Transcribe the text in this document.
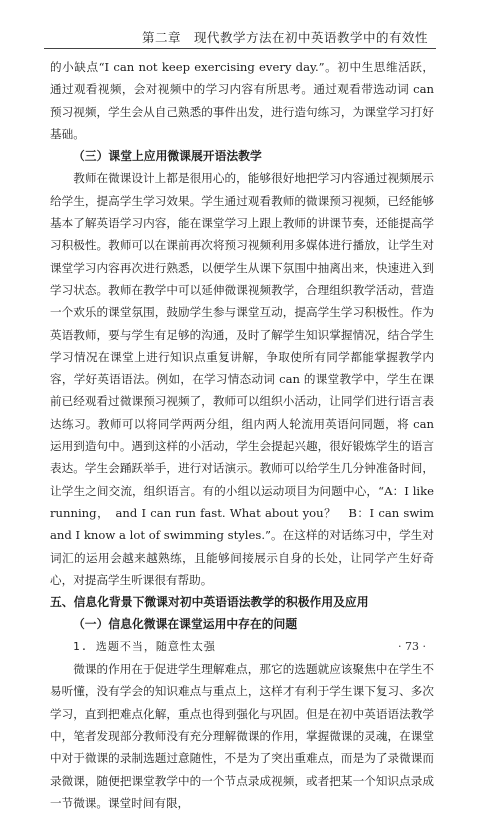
第二章　现代教学方法在初中英语教学中的有效性

的小缺点“I can not keep exercising every day.”。初中生思维活跃，通过观看视频，会对视频中的学习内容有所思考。通过观看带选动词 can 预习视频，学生会从自己熟悉的事件出发，进行造句练习，为课堂学习打好基础。

（三）课堂上应用微课展开语法教学

教师在微课设计上都是很用心的，能够很好地把学习内容通过视频展示给学生，提高学生学习效果。学生通过观看教师的微课预习视频，已经能够基本了解英语学习内容，能在课堂学习上跟上教师的讲课节奏，还能提高学习积极性。教师可以在课前再次将预习视频利用多媒体进行播放，让学生对课堂学习内容再次进行熟悉，以便学生从课下氛围中抽离出来，快速进入到学习状态。教师在教学中可以延伸微课视频教学，合理组织教学活动，营造一个欢乐的课堂氛围，鼓励学生参与课堂互动，提高学生学习积极性。作为英语教师，要与学生有足够的沟通，及时了解学生知识掌握情况，结合学生学习情况在课堂上进行知识点重复讲解，争取使所有同学都能掌握教学内容，学好英语语法。例如，在学习情态动词 can 的课堂教学中，学生在课前已经观看过微课预习视频了，教师可以组织小活动，让同学们进行语言表达练习。教师可以将同学两两分组，组内两人轮流用英语问同题，将 can 运用到造句中。遇到这样的小活动，学生会提起兴趣，很好锻炼学生的语言表达。学生会踊跃举手，进行对话演示。教师可以给学生几分钟准备时间，让学生之间交流，组织语言。有的小组以运动项目为问题中心，“A：I like running，　and I can run fast. What about you？　B：I can swim and I know a lot of swimming styles.”。在这样的对话练习中，学生对词汇的运用会越来越熟练，且能够间接展示自身的长处，让同学产生好奇心，对提高学生听课很有帮助。

五、信息化背景下微课对初中英语语法教学的积极作用及应用

（一）信息化微课在课堂运用中存在的问题

1. 选题不当，随意性太强

微课的作用在于促进学生理解难点，那它的选题就应该聚焦中在学生不易听懂，没有学会的知识难点与重点上，这样才有利于学生课下复习、多次学习，直到把难点化解，重点也得到强化与巩固。但是在初中英语语法教学中，笔者发现部分教师没有充分理解微课的作用，掌握微课的灵魂，在课堂中对于微课的录制选题过意随性，不是为了突出重难点，而是为了录微课而录微课，随便把课堂教学中的一个节点录成视频，或者把某一个知识点录成一节微课。课堂时间有限，

· 73 ·
